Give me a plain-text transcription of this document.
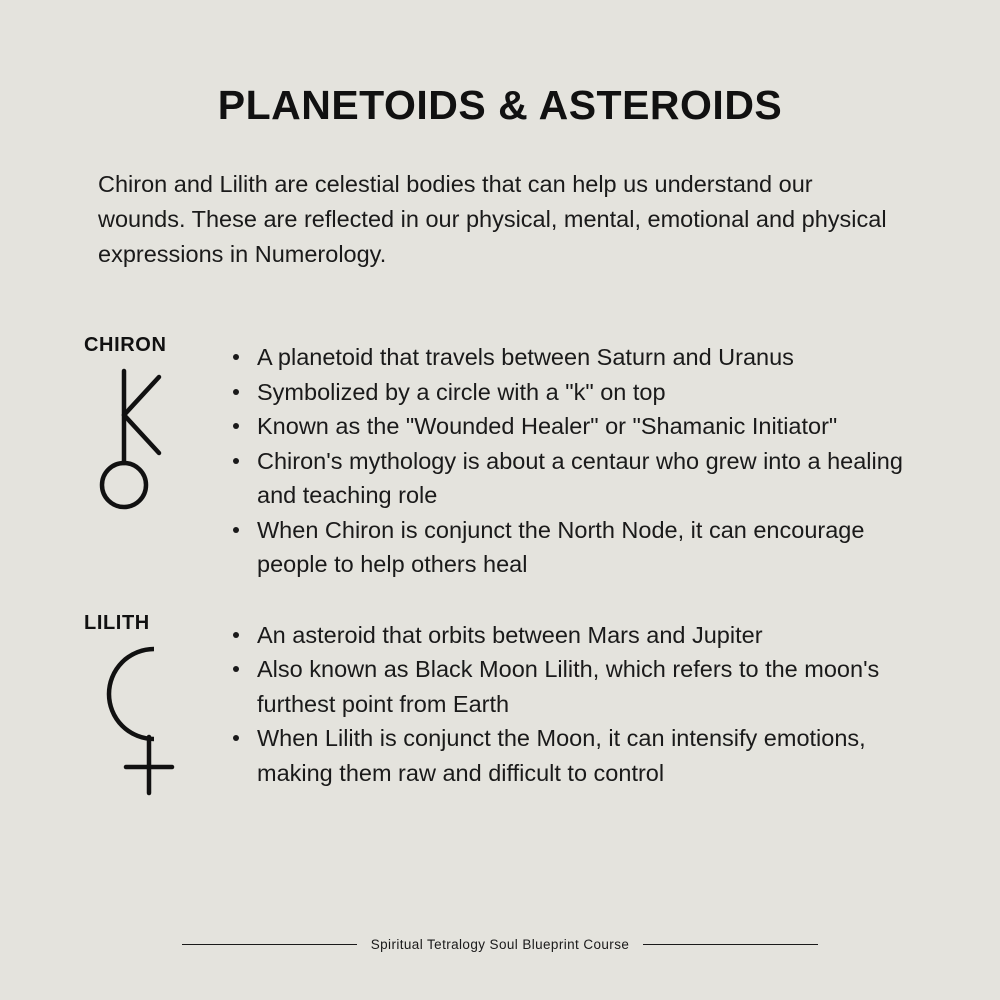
PLANETOIDS & ASTEROIDS

Chiron and Lilith are celestial bodies that can help us understand our wounds. These are reflected in our physical, mental, emotional and physical expressions in Numerology.

CHIRON	A planetoid that travels between Saturn and Uranus
Symbolized by a circle with a "k" on top
Known as the "Wounded Healer" or "Shamanic Initiator"
Chiron's mythology is about a centaur who grew into a healing and teaching role
When Chiron is conjunct the North Node, it can encourage people to help others heal
LILITH	An asteroid that orbits between Mars and Jupiter
Also known as Black Moon Lilith, which refers to the moon's furthest point from Earth
When Lilith is conjunct the Moon, it can intensify emotions, making them raw and difficult to control
Spiritual Tetralogy Soul Blueprint Course
